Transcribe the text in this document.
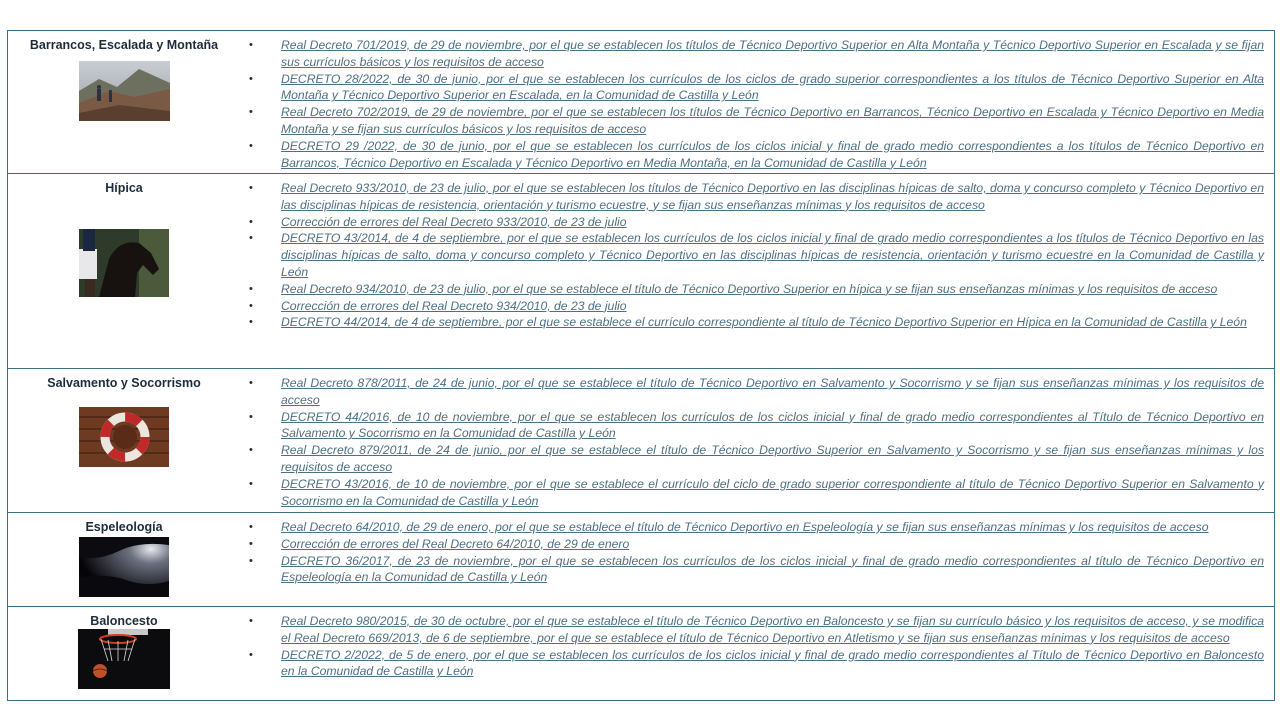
Barrancos, Escalada y Montaña	• Real Decreto 701/2019, de 29 de noviembre, por el que se establecen los títulos de Técnico Deportivo Superior en Alta Montaña y Técnico Deportivo Superior en Escalada y se fijan sus currículos básicos y los requisitos de acceso
• DECRETO 28/2022, de 30 de junio, por el que se establecen los currículos de los ciclos de grado superior correspondientes a los títulos de Técnico Deportivo Superior en Alta Montaña y Técnico Deportivo Superior en Escalada, en la Comunidad de Castilla y León
• Real Decreto 702/2019, de 29 de noviembre, por el que se establecen los títulos de Técnico Deportivo en Barrancos, Técnico Deportivo en Escalada y Técnico Deportivo en Media Montaña y se fijan sus currículos básicos y los requisitos de acceso
• DECRETO 29 /2022, de 30 de junio, por el que se establecen los currículos de los ciclos inicial y final de grado medio correspondientes a los títulos de Técnico Deportivo en Barrancos, Técnico Deportivo en Escalada y Técnico Deportivo en Media Montaña, en la Comunidad de Castilla y León
Hípica	• Real Decreto 933/2010, de 23 de julio, por el que se establecen los títulos de Técnico Deportivo en las disciplinas hípicas de salto, doma y concurso completo y Técnico Deportivo en las disciplinas hípicas de resistencia, orientación y turismo ecuestre, y se fijan sus enseñanzas mínimas y los requisitos de acceso
• Corrección de errores del Real Decreto 933/2010, de 23 de julio
• DECRETO 43/2014, de 4 de septiembre, por el que se establecen los currículos de los ciclos inicial y final de grado medio correspondientes a los títulos de Técnico Deportivo en las disciplinas hípicas de salto, doma y concurso completo y Técnico Deportivo en las disciplinas hípicas de resistencia, orientación y turismo ecuestre en la Comunidad de Castilla y León
• Real Decreto 934/2010, de 23 de julio, por el que se establece el título de Técnico Deportivo Superior en hípica y se fijan sus enseñanzas mínimas y los requisitos de acceso
• Corrección de errores del Real Decreto 934/2010, de 23 de julio
• DECRETO 44/2014, de 4 de septiembre, por el que se establece el currículo correspondiente al título de Técnico Deportivo Superior en Hípica en la Comunidad de Castilla y León
Salvamento y Socorrismo	• Real Decreto 878/2011, de 24 de junio, por el que se establece el título de Técnico Deportivo en Salvamento y Socorrismo y se fijan sus enseñanzas mínimas y los requisitos de acceso
• DECRETO 44/2016, de 10 de noviembre, por el que se establecen los currículos de los ciclos inicial y final de grado medio correspondientes al Título de Técnico Deportivo en Salvamento y Socorrismo en la Comunidad de Castilla y León
• Real Decreto 879/2011, de 24 de junio, por el que se establece el título de Técnico Deportivo Superior en Salvamento y Socorrismo y se fijan sus enseñanzas mínimas y los requisitos de acceso
• DECRETO 43/2016, de 10 de noviembre, por el que se establece el currículo del ciclo de grado superior correspondiente al título de Técnico Deportivo Superior en Salvamento y Socorrismo en la Comunidad de Castilla y León
Espeleología	• Real Decreto 64/2010, de 29 de enero, por el que se establece el título de Técnico Deportivo en Espeleología y se fijan sus enseñanzas mínimas y los requisitos de acceso
• Corrección de errores del Real Decreto 64/2010, de 29 de enero
• DECRETO 36/2017, de 23 de noviembre, por el que se establecen los currículos de los ciclos inicial y final de grado medio correspondientes al título de Técnico Deportivo en Espeleología en la Comunidad de Castilla y León
Baloncesto	• Real Decreto 980/2015, de 30 de octubre, por el que se establece el título de Técnico Deportivo en Baloncesto y se fijan su currículo básico y los requisitos de acceso, y se modifica el Real Decreto 669/2013, de 6 de septiembre, por el que se establece el título de Técnico Deportivo en Atletismo y se fijan sus enseñanzas mínimas y los requisitos de acceso
• DECRETO 2/2022, de 5 de enero, por el que se establecen los currículos de los ciclos inicial y final de grado medio correspondientes al Título de Técnico Deportivo en Baloncesto en la Comunidad de Castilla y León
